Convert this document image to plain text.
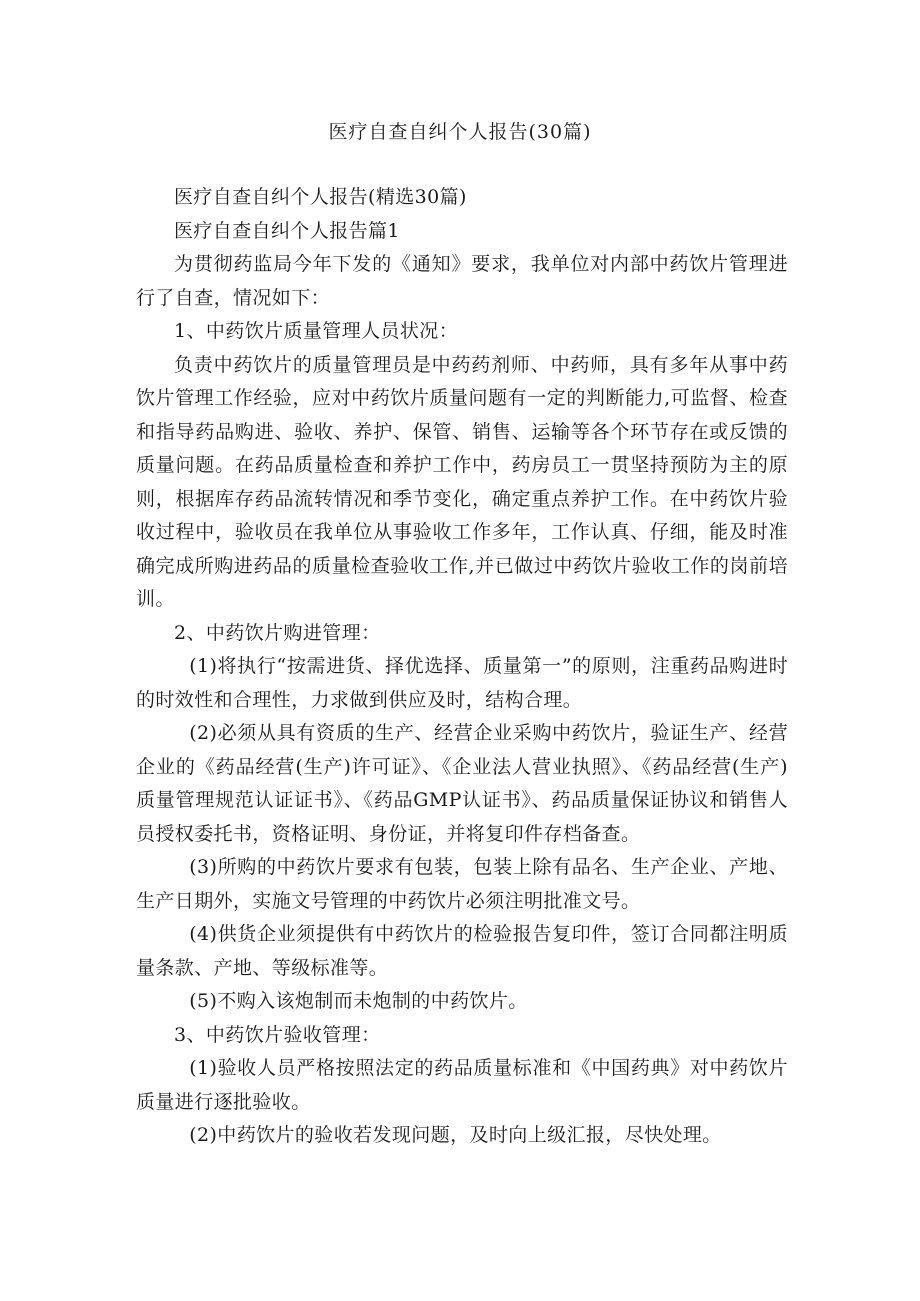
医疗自查自纠个人报告(30篇)

医疗自查自纠个人报告(精选30篇)

医疗自查自纠个人报告篇1

为贯彻药监局今年下发的《通知》要求，我单位对内部中药饮片管理进行了自查，情况如下：

1、中药饮片质量管理人员状况：

负责中药饮片的质量管理员是中药药剂师、中药师，具有多年从事中药饮片管理工作经验，应对中药饮片质量问题有一定的判断能力,可监督、检查和指导药品购进、验收、养护、保管、销售、运输等各个环节存在或反馈的质量问题。在药品质量检查和养护工作中，药房员工一贯坚持预防为主的原则，根据库存药品流转情况和季节变化，确定重点养护工作。在中药饮片验收过程中，验收员在我单位从事验收工作多年，工作认真、仔细，能及时准确完成所购进药品的质量检查验收工作,并已做过中药饮片验收工作的岗前培训。

2、中药饮片购进管理：

(1)将执行“按需进货、择优选择、质量第一”的原则，注重药品购进时的时效性和合理性，力求做到供应及时，结构合理。

(2)必须从具有资质的生产、经营企业采购中药饮片，验证生产、经营企业的《药品经营(生产)许可证》、《企业法人营业执照》、《药品经营(生产)质量管理规范认证证书》、《药品GMP认证书》、药品质量保证协议和销售人员授权委托书，资格证明、身份证，并将复印件存档备查。

(3)所购的中药饮片要求有包装，包装上除有品名、生产企业、产地、生产日期外，实施文号管理的中药饮片必须注明批准文号。

(4)供货企业须提供有中药饮片的检验报告复印件，签订合同都注明质量条款、产地、等级标准等。

(5)不购入该炮制而未炮制的中药饮片。

3、中药饮片验收管理：

(1)验收人员严格按照法定的药品质量标准和《中国药典》对中药饮片质量进行逐批验收。

(2)中药饮片的验收若发现问题，及时向上级汇报，尽快处理。
